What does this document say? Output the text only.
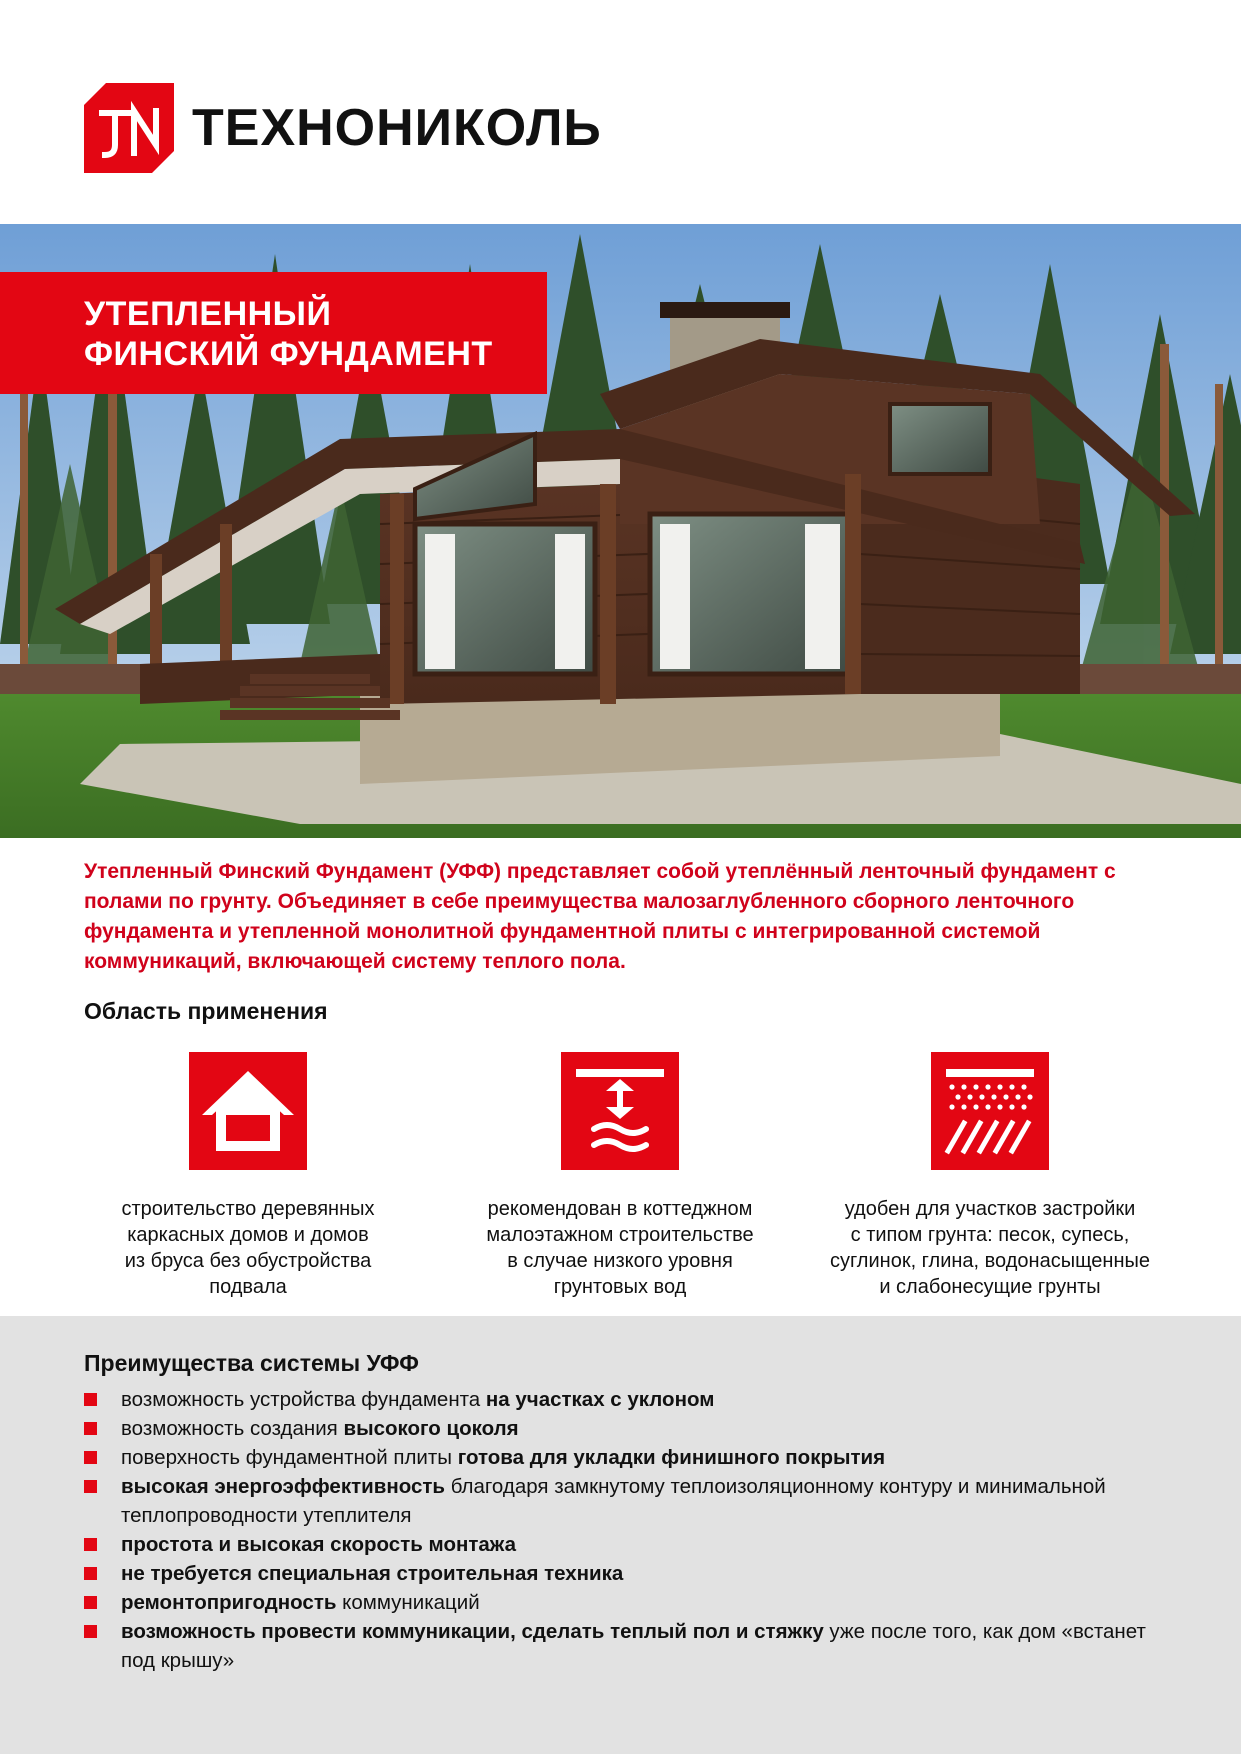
ТЕХНОНИКОЛЬ
УТЕПЛЕННЫЙ
ФИНСКИЙ ФУНДАМЕНТ
Утепленный Финский Фундамент (УФФ) представляет собой утеплённый ленточный фундамент с полами по грунту. Объединяет в себе преимущества малозаглубленного сборного ленточного фундамента и утепленной монолитной фундаментной плиты с интегрированной системой коммуникаций, включающей систему теплого пола.
Область применения
строительство деревянных
каркасных домов и домов
из бруса без обустройства
подвала
рекомендован в коттеджном
малоэтажном строительстве
в случае низкого уровня
грунтовых вод
удобен для участков застройки
с типом грунта: песок, супесь,
суглинок, глина, водонасыщенные
и слабонесущие грунты
Преимущества системы УФФ
возможность устройства фундамента на участках с уклоном
возможность создания высокого цоколя
поверхность фундаментной плиты готова для укладки финишного покрытия
высокая энергоэффективность благодаря замкнутому теплоизоляционному контуру и минимальной теплопроводности утеплителя
простота и высокая скорость монтажа
не требуется специальная строительная техника
ремонтопригодность коммуникаций
возможность провести коммуникации, сделать теплый пол и стяжку уже после того, как дом «встанет под крышу»
